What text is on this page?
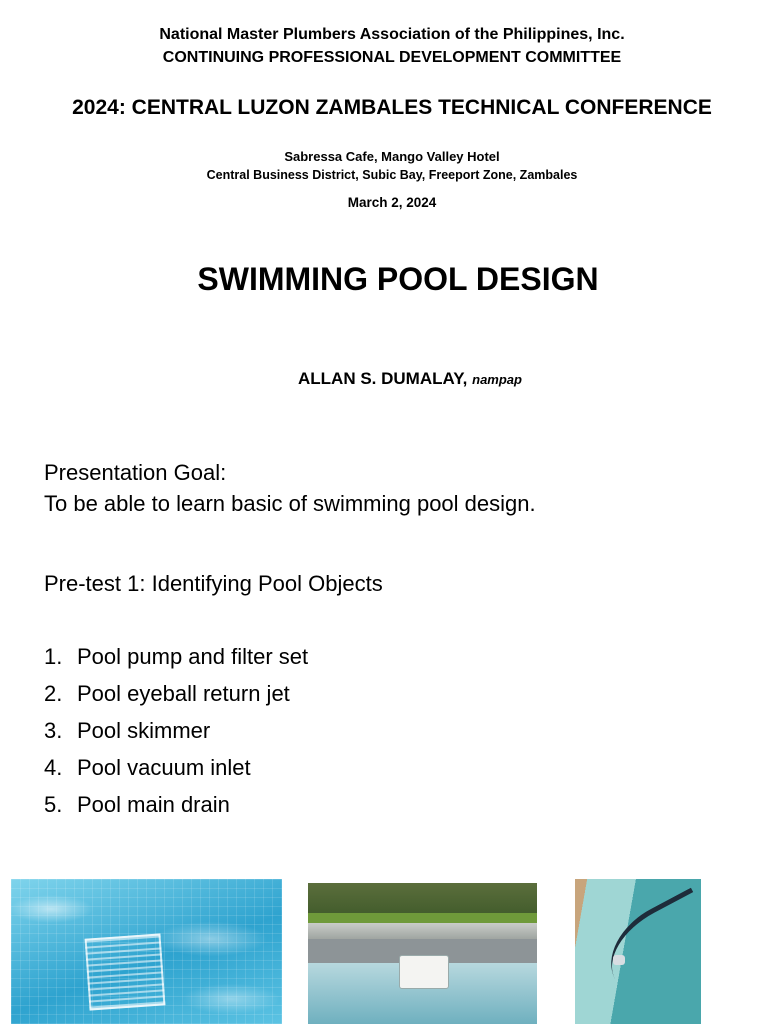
National Master Plumbers Association of the Philippines, Inc.
CONTINUING PROFESSIONAL DEVELOPMENT COMMITTEE
2024: CENTRAL LUZON ZAMBALES TECHNICAL CONFERENCE
Sabressa Cafe, Mango Valley Hotel
Central Business District, Subic Bay, Freeport Zone, Zambales
March 2, 2024
SWIMMING POOL DESIGN
ALLAN S. DUMALAY, nampap
Presentation Goal:
To be able to learn basic of swimming pool design.
Pre-test 1: Identifying Pool Objects
1. Pool pump and filter set
2. Pool eyeball return jet
3. Pool skimmer
4. Pool vacuum inlet
5. Pool main drain
